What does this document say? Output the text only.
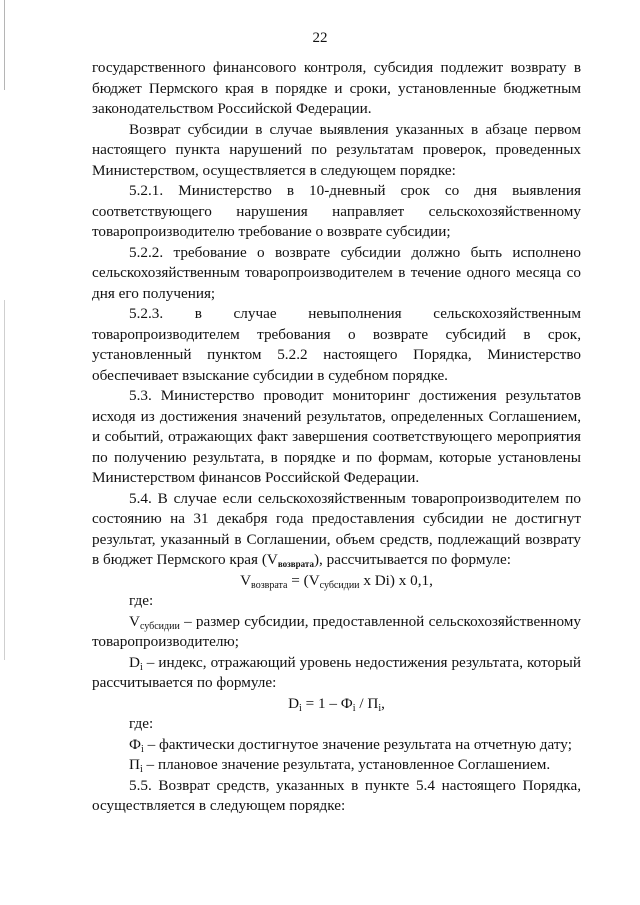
22

государственного финансового контроля, субсидия подлежит возврату в бюджет Пермского края в порядке и сроки, установленные бюджетным законодательством Российской Федерации.

Возврат субсидии в случае выявления указанных в абзаце первом настоящего пункта нарушений по результатам проверок, проведенных Министерством, осуществляется в следующем порядке:

5.2.1. Министерство в 10-дневный срок со дня выявления соответствующего нарушения направляет сельскохозяйственному товаропроизводителю требование о возврате субсидии;

5.2.2. требование о возврате субсидии должно быть исполнено сельскохозяйственным товаропроизводителем в течение одного месяца со дня его получения;

5.2.3. в случае невыполнения сельскохозяйственным товаропроизводителем требования о возврате субсидий в срок, установленный пунктом 5.2.2 настоящего Порядка, Министерство обеспечивает взыскание субсидии в судебном порядке.

5.3. Министерство проводит мониторинг достижения результатов исходя из достижения значений результатов, определенных Соглашением, и событий, отражающих факт завершения соответствующего мероприятия по получению результата, в порядке и по формам, которые установлены Министерством финансов Российской Федерации.

5.4. В случае если сельскохозяйственным товаропроизводителем по состоянию на 31 декабря года предоставления субсидии не достигнут результат, указанный в Соглашении, объем средств, подлежащий возврату в бюджет Пермского края $(V_{возврата})$, рассчитывается по формуле:

$V_{возврата} = (V_{субсидии}$ x Di) x 0,1,

где:

$V_{субсидии}$ – размер субсидии, предоставленной сельскохозяйственному товаропроизводителю;

$D_i$ – индекс, отражающий уровень недостижения результата, который рассчитывается по формуле:

$D_i = 1 - Ф_i / П_i$,

где:

$Ф_i$ – фактически достигнутое значение результата на отчетную дату;

$П_i$ – плановое значение результата, установленное Соглашением.

5.5. Возврат средств, указанных в пункте 5.4 настоящего Порядка, осуществляется в следующем порядке:
